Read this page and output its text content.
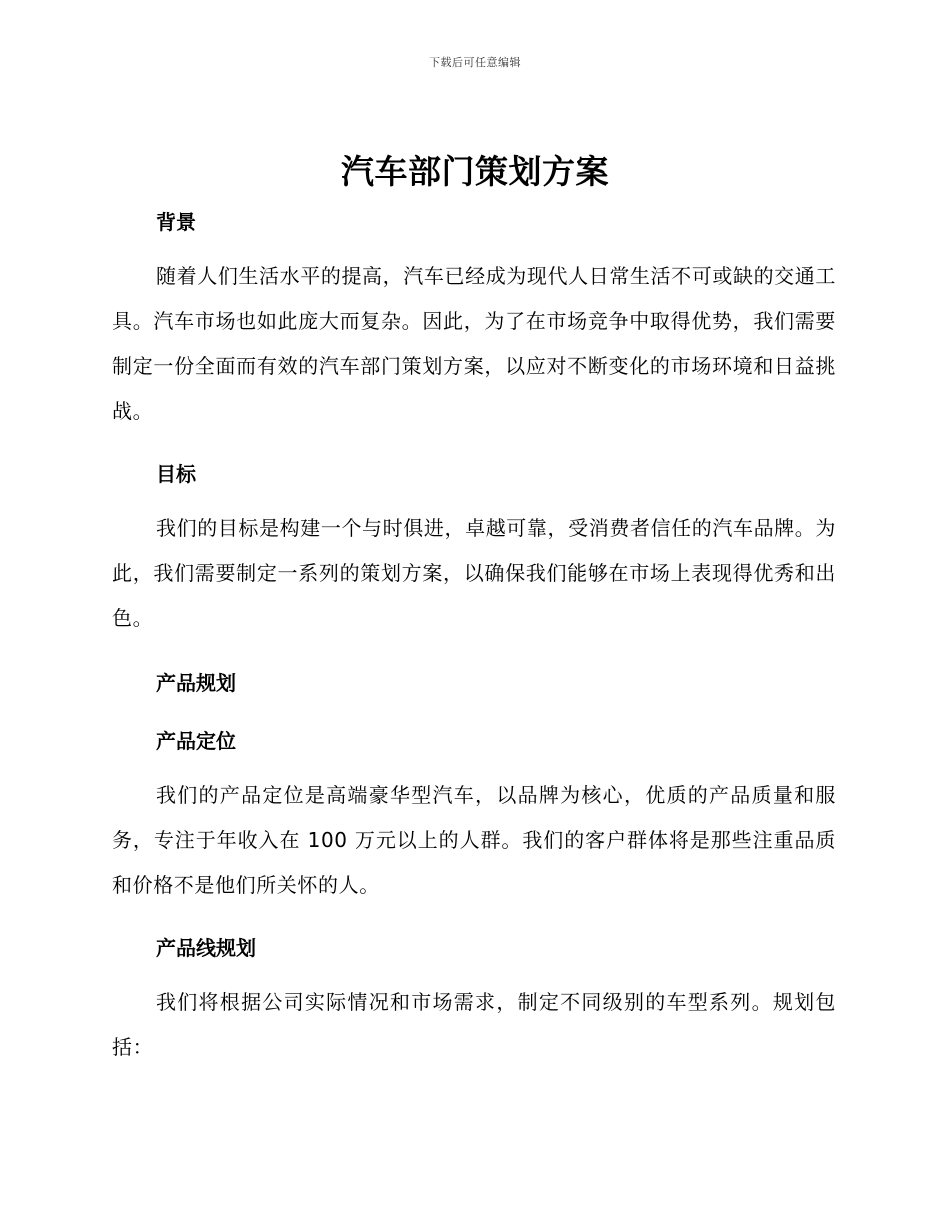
下载后可任意编辑
汽车部门策划方案

背景

随着人们生活水平的提高，汽车已经成为现代人日常生活不可或缺的交通工具。汽车市场也如此庞大而复杂。因此，为了在市场竞争中取得优势，我们需要制定一份全面而有效的汽车部门策划方案，以应对不断变化的市场环境和日益挑战。

目标

我们的目标是构建一个与时俱进，卓越可靠，受消费者信任的汽车品牌。为此，我们需要制定一系列的策划方案，以确保我们能够在市场上表现得优秀和出色。

产品规划

产品定位

我们的产品定位是高端豪华型汽车，以品牌为核心，优质的产品质量和服务，专注于年收入在 100 万元以上的人群。我们的客户群体将是那些注重品质和价格不是他们所关怀的人。

产品线规划

我们将根据公司实际情况和市场需求，制定不同级别的车型系列。规划包括：
